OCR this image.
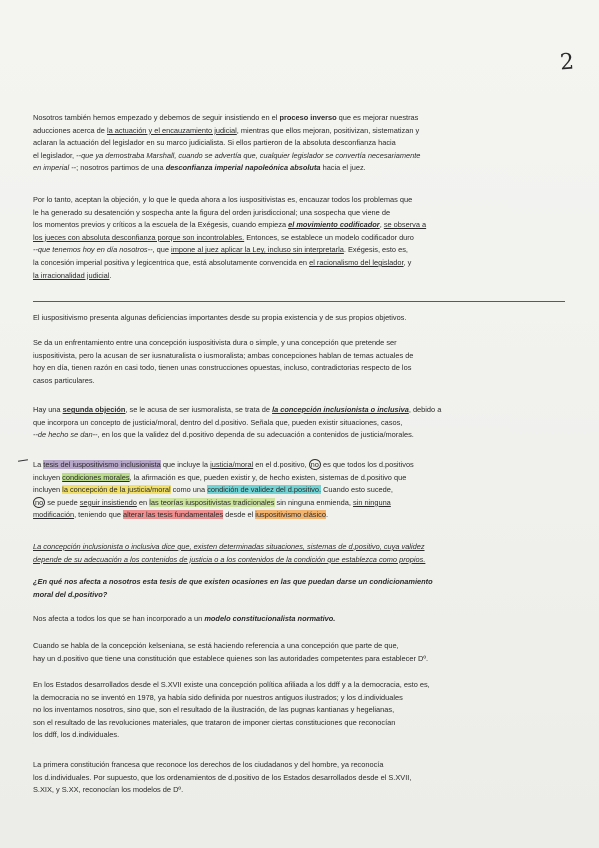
2
Nosotros también hemos empezado y debemos de seguir insistiendo en el proceso inverso que es mejorar nuestras
aducciones acerca de la actuación y el encauzamiento judicial, mientras que ellos mejoran, positivizan, sistematizan y
aclaran la actuación del legislador en su marco judicialista. Si ellos partieron de la absoluta desconfianza hacia
el legislador, --que ya demostraba Marshall, cuando se advertía que, cualquier legislador se convertía necesariamente
en imperial --; nosotros partimos de una desconfianza imperial napoleónica absoluta hacia el juez.
Por lo tanto, aceptan la objeción, y lo que le queda ahora a los iuspositivistas es, encauzar todos los problemas que
le ha generado su desatención y sospecha ante la figura del orden jurisdiccional; una sospecha que viene de
los momentos previos y críticos a la escuela de la Exégesis, cuando empieza el movimiento codificador, se observa a
los jueces con absoluta desconfianza porque son incontrolables. Entonces, se establece un modelo codificador duro
--que tenemos hoy en día nosotros--, que impone al juez aplicar la Ley, incluso sin interpretarla. Exégesis, esto es,
la concesión imperial positiva y legicentrica que, está absolutamente convencida en el racionalismo del legislador, y
la irracionalidad judicial.
El iuspositivismo presenta algunas deficiencias importantes desde su propia existencia y de sus propios objetivos.
Se da un enfrentamiento entre una concepción iuspositivista dura o simple, y una concepción que pretende ser
iuspositivista, pero la acusan de ser iusnaturalista o iusmoralista; ambas concepciones hablan de temas actuales de
hoy en día, tienen razón en casi todo, tienen unas construcciones opuestas, incluso, contradictorias respecto de los
casos particulares.
Hay una segunda objeción, se le acusa de ser iusmoralista, se trata de la concepción inclusionista o inclusiva, debido a
que incorpora un concepto de justicia/moral, dentro del d.positivo. Señala que, pueden existir situaciones, casos,
--de hecho se dan--, en los que la validez del d.positivo dependa de su adecuación a contenidos de justicia/morales.
La tesis del iuspositivismo inclusionista que incluye la justicia/moral en el d.positivo, no es que todos los d.positivos
incluyen condiciones morales, la afirmación es que, pueden existir y, de hecho existen, sistemas de d.positivo que
incluyen la concepción de la justicia/moral como una condición de validez del d.positivo. Cuando esto sucede,
no se puede seguir insistiendo en las teorías iuspositivistas tradicionales sin ninguna enmienda, sin ninguna
modificación, teniendo que alterar las tesis fundamentales desde el iuspositivismo clásico.
La concepción inclusionista o inclusiva dice que, existen determinadas situaciones, sistemas de d.positivo, cuya validez
depende de su adecuación a los contenidos de justicia o a los contenidos de la condición que establezca como propios.
¿En qué nos afecta a nosotros esta tesis de que existen ocasiones en las que puedan darse un condicionamiento
moral del d.positivo?
Nos afecta a todos los que se han incorporado a un modelo constitucionalista normativo.
Cuando se habla de la concepción kelseniana, se está haciendo referencia a una concepción que parte de que,
hay un d.positivo que tiene una constitución que establece quienes son las autoridades competentes para establecer Dº.
En los Estados desarrollados desde el S.XVII existe una concepción política afiliada a los ddff y a la democracia, esto es,
la democracia no se inventó en 1978, ya había sido definida por nuestros antiguos ilustrados; y los d.individuales
no los inventamos nosotros, sino que, son el resultado de la ilustración, de las pugnas kantianas y hegelianas,
son el resultado de las revoluciones materiales, que trataron de imponer ciertas constituciones que reconocían
los ddff, los d.individuales.
La primera constitución francesa que reconoce los derechos de los ciudadanos y del hombre, ya reconocía
los d.individuales. Por supuesto, que los ordenamientos de d.positivo de los Estados desarrollados desde el S.XVII,
S.XIX, y S.XX, reconocían los modelos de Dº.
